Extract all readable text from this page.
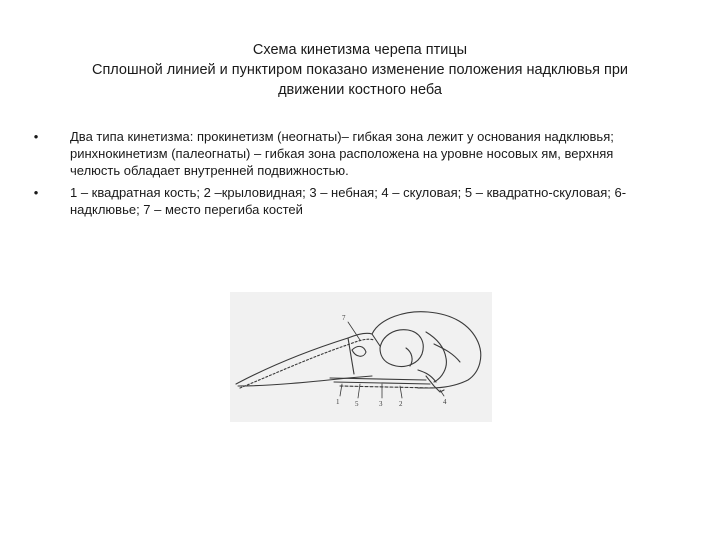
Схема кинетизма черепа птицы
Сплошной линией и пунктиром показано изменение положения надклювья при
движении костного неба
• Два типа кинетизма: прокинетизм (неогнаты)– гибкая зона лежит у основания надклювья;
ринхнокинетизм (палеогнаты) – гибкая зона расположена на уровне носовых ям, верхняя
челюсть обладает внутренней подвижностью.
• 1 – квадратная кость; 2 –крыловидная; 3 – небная; 4 – скуловая; 5 – квадратно-скуловая; 6-
надклювье; 7 – место перегиба костей
7
1 5	3 2	4
